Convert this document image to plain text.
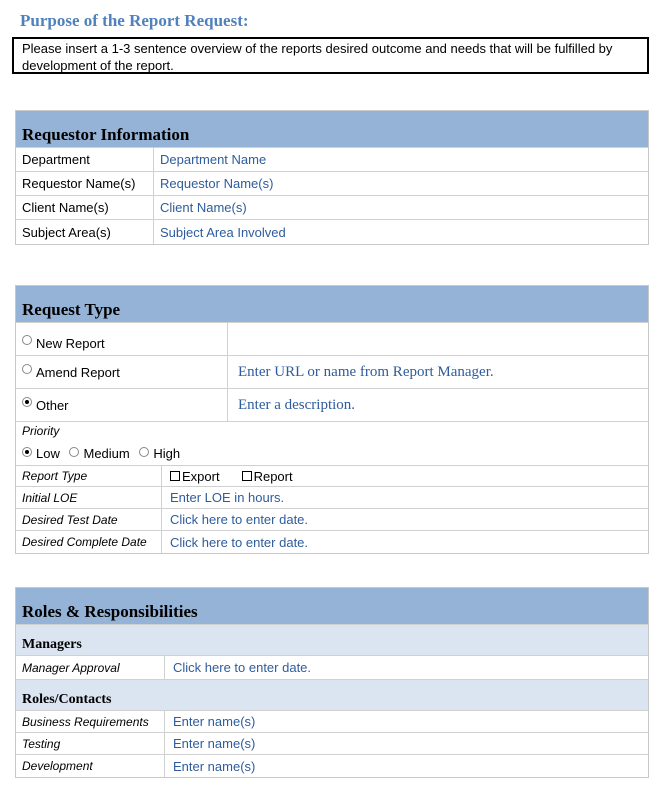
Purpose of the Report Request:
Please insert a 1-3 sentence overview of the reports desired outcome and needs that will be fulfilled by development of the report.
Requestor Information
Department	Department Name
Requestor Name(s)	Requestor Name(s)
Client Name(s)	Client Name(s)
Subject Area(s)	Subject Area Involved
Request Type
New Report
Amend Report	Enter URL or name from Report Manager.
Other	Enter a description.
Priority
Low Medium High
Report Type	Export	Report
Initial LOE	Enter LOE in hours.
Desired Test Date	Click here to enter date.
Desired Complete Date	Click here to enter date.
Roles & Responsibilities
Managers
Manager Approval	Click here to enter date.
Roles/Contacts
Business Requirements	Enter name(s)
Testing	Enter name(s)
Development	Enter name(s)
